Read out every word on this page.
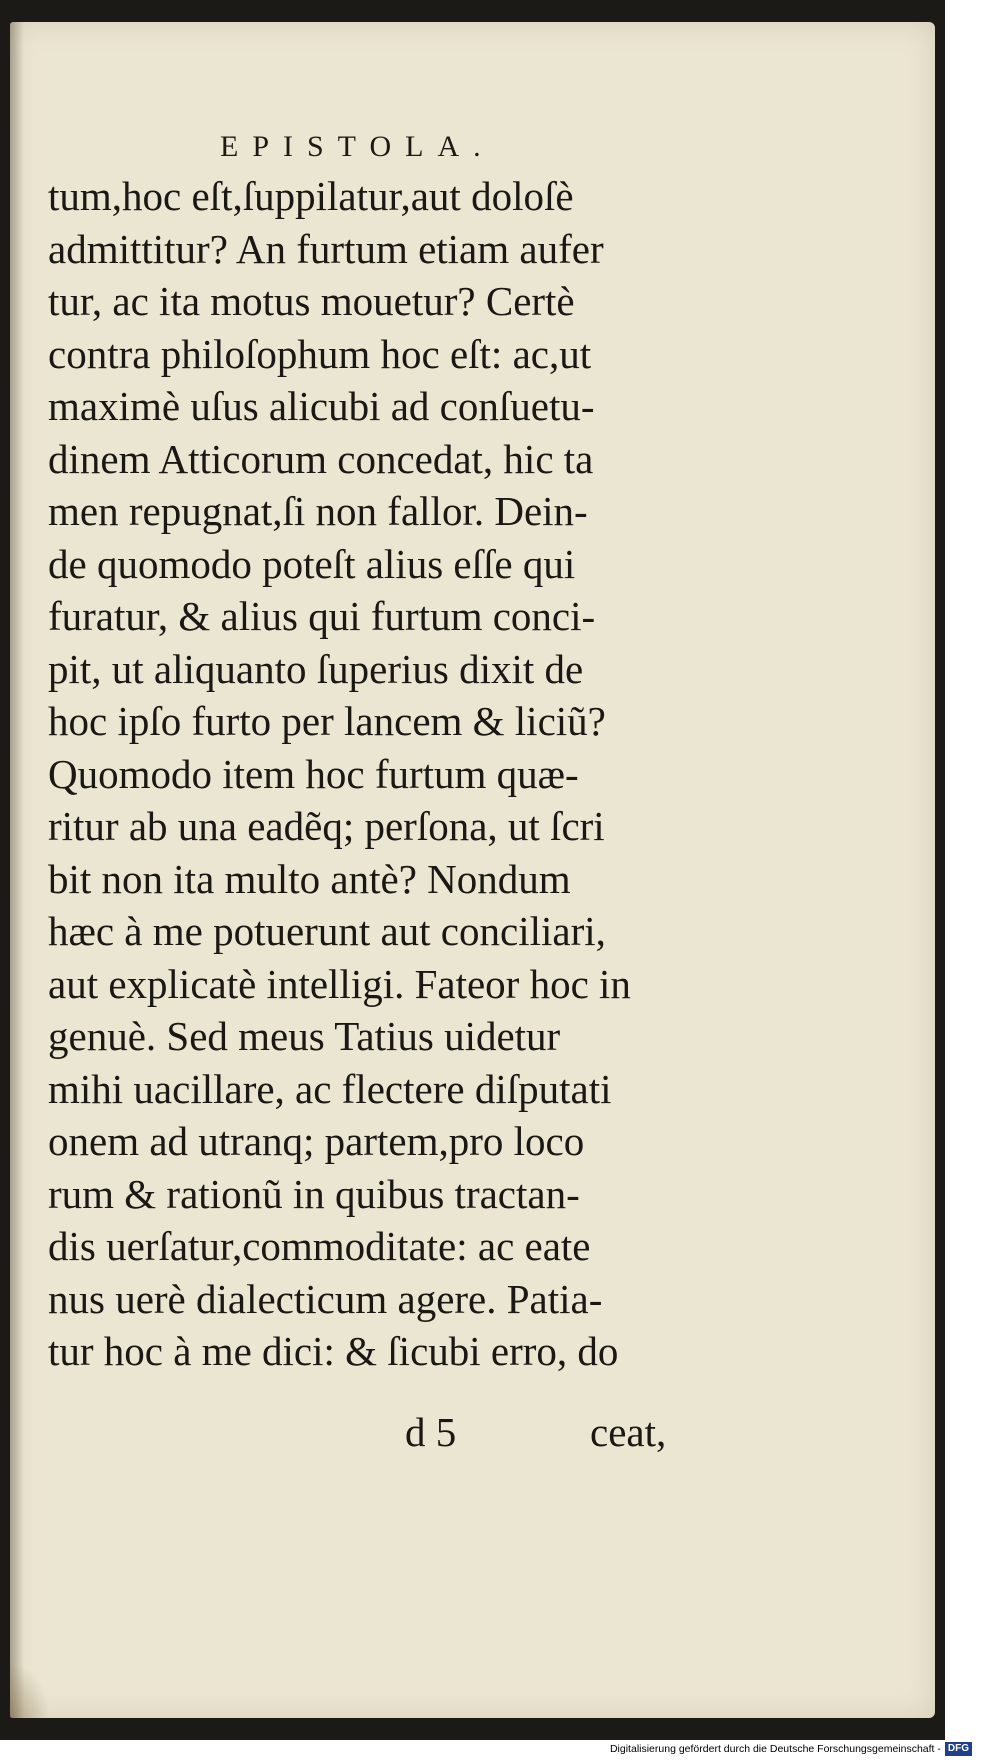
EPISTOLA.
tum,hoc eſt,ſuppilatur,aut doloſè
admittitur? An furtum etiam aufer
tur, ac ita motus mouetur? Certè
contra philoſophum hoc eſt: ac,ut
maximè uſus alicubi ad conſuetu-
dinem Atticorum concedat, hic ta
men repugnat,ſi non fallor. Dein-
de quomodo poteſt alius eſſe qui
furatur, & alius qui furtum conci-
pit, ut aliquanto ſuperius dixit de
hoc ipſo furto per lancem & liciũ?
Quomodo item hoc furtum quæ-
ritur ab una eadẽq; perſona, ut ſcri
bit non ita multo antè? Nondum
hæc à me potuerunt aut conciliari,
aut explicatè intelligi. Fateor hoc in
genuè. Sed meus Tatius uidetur
mihi uacillare, ac flectere diſputati
onem ad utranq; partem,pro loco
rum & rationũ in quibus tractan-
dis uerſatur,commoditate: ac eate
nus uerè dialecticum agere. Patia-
tur hoc à me dici: & ſicubi erro, do
d 5	ceat,
Digitalisierung gefördert durch die Deutsche Forschungsgemeinschaft - DFG
